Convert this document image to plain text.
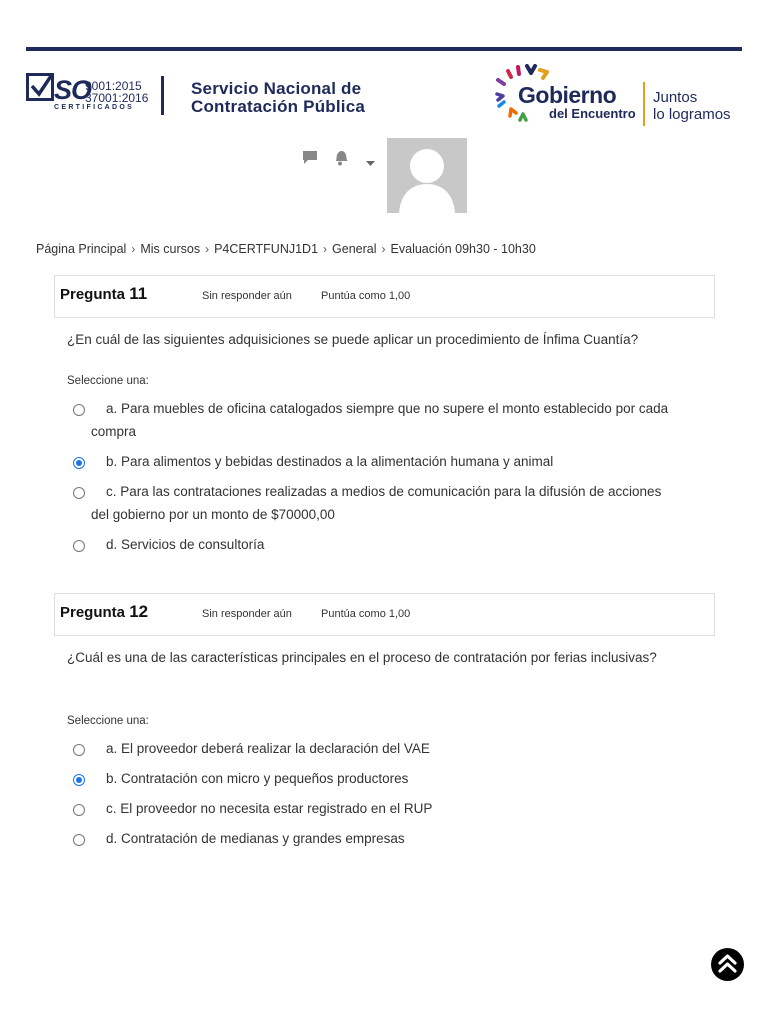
SO
9001:2015
37001:2016
CERTIFICADOS
Servicio Nacional de
Contratación Pública	Gobierno
del Encuentro
Juntos
lo logramos
Página Principal › Mis cursos › P4CERTFUNJ1D1 › General › Evaluación 09h30 - 10h30
Pregunta 11	Sin responder aún	Puntúa como 1,00
¿En cuál de las siguientes adquisiciones se puede aplicar un procedimiento de Ínfima Cuantía?
Seleccione una:
a. Para muebles de oficina catalogados siempre que no supere el monto establecido por cada compra
b. Para alimentos y bebidas destinados a la alimentación humana y animal
c. Para las contrataciones realizadas a medios de comunicación para la difusión de acciones del gobierno por un monto de $70000,00
d. Servicios de consultoría
Pregunta 12	Sin responder aún	Puntúa como 1,00
¿Cuál es una de las características principales en el proceso de contratación por ferias inclusivas?
Seleccione una:
a. El proveedor deberá realizar la declaración del VAE
b. Contratación con micro y pequeños productores
c. El proveedor no necesita estar registrado en el RUP
d. Contratación de medianas y grandes empresas
